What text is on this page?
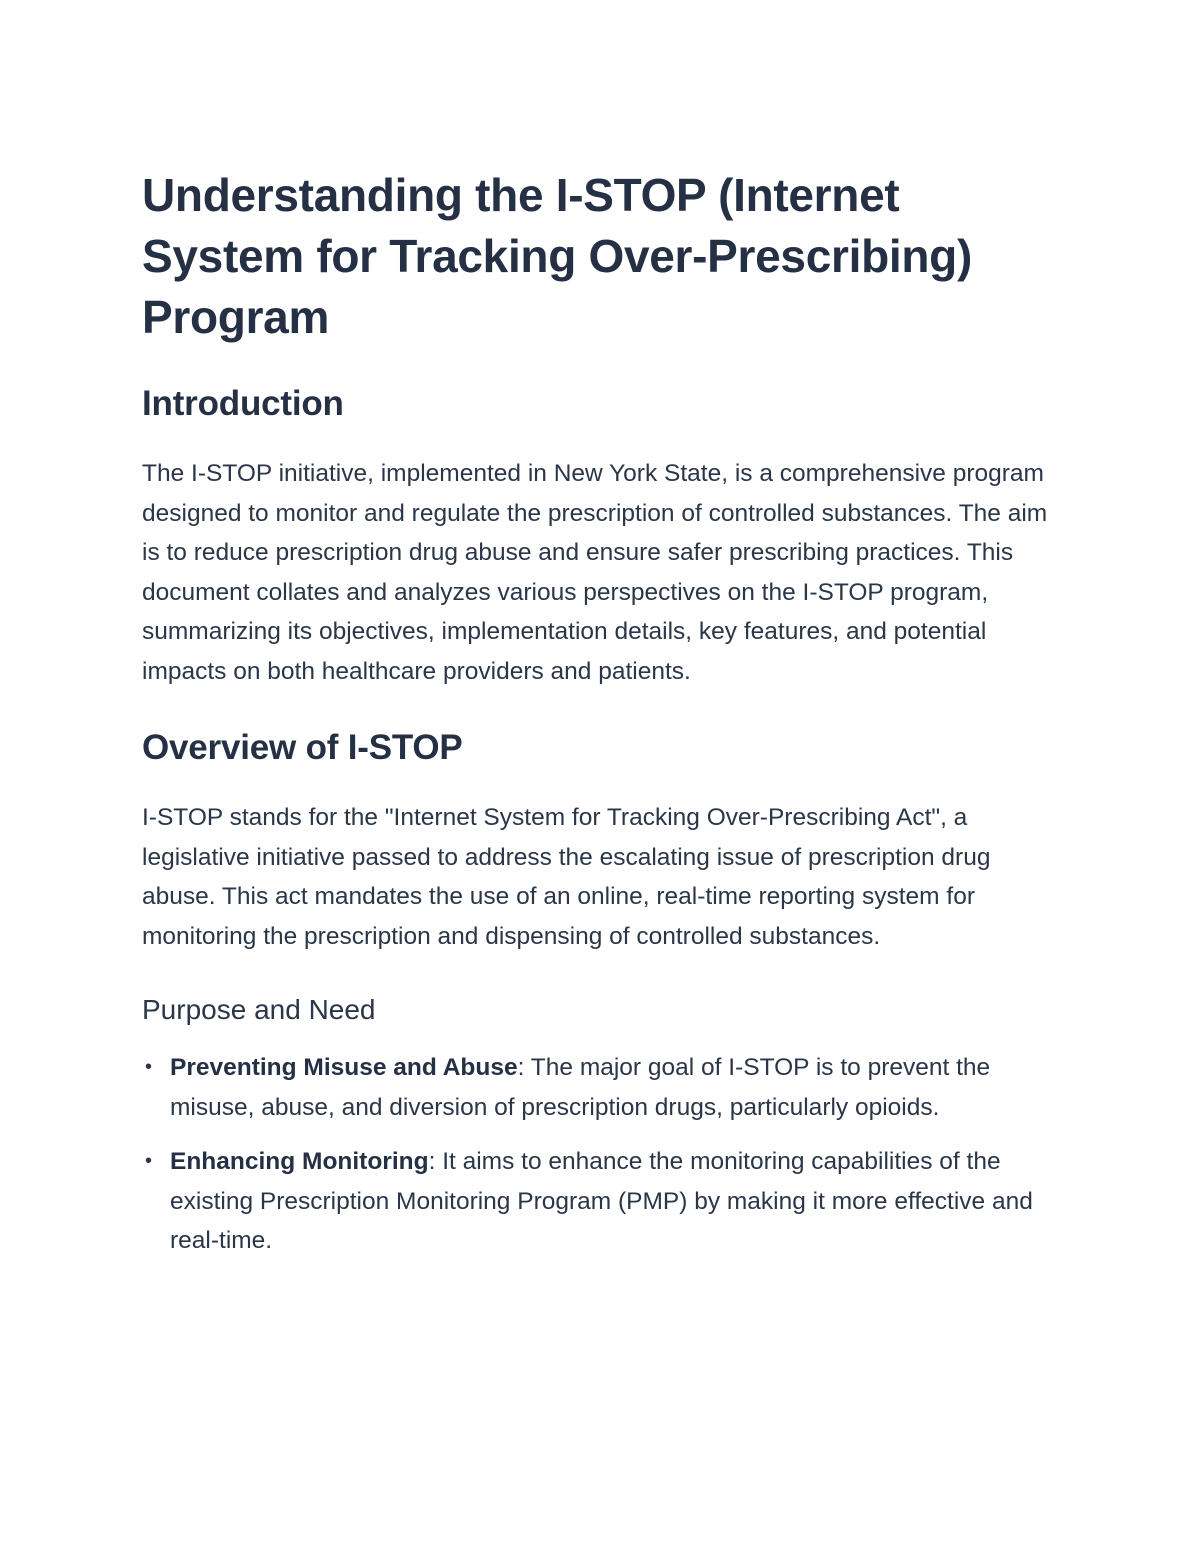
Understanding the I-STOP (Internet System for Tracking Over-Prescribing) Program
Introduction

The I-STOP initiative, implemented in New York State, is a comprehensive program designed to monitor and regulate the prescription of controlled substances. The aim is to reduce prescription drug abuse and ensure safer prescribing practices. This document collates and analyzes various perspectives on the I-STOP program, summarizing its objectives, implementation details, key features, and potential impacts on both healthcare providers and patients.

Overview of I-STOP

I-STOP stands for the "Internet System for Tracking Over-Prescribing Act", a legislative initiative passed to address the escalating issue of prescription drug abuse. This act mandates the use of an online, real-time reporting system for monitoring the prescription and dispensing of controlled substances.

Purpose and Need
• Preventing Misuse and Abuse: The major goal of I-STOP is to prevent the misuse, abuse, and diversion of prescription drugs, particularly opioids.
• Enhancing Monitoring: It aims to enhance the monitoring capabilities of the existing Prescription Monitoring Program (PMP) by making it more effective and real-time.
